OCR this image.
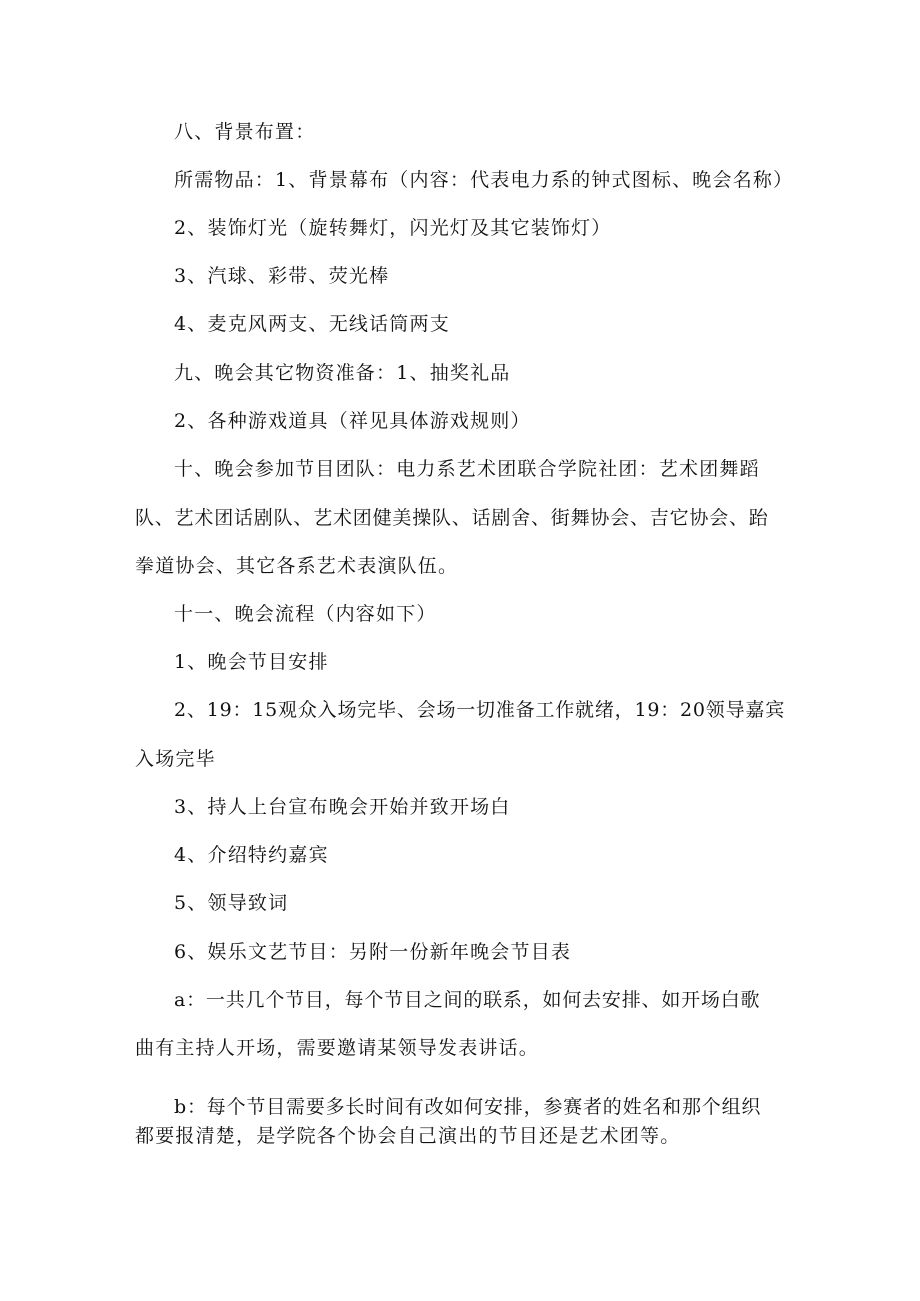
八、背景布置：
所需物品：1、背景幕布（内容：代表电力系的钟式图标、晚会名称）
2、装饰灯光（旋转舞灯，闪光灯及其它装饰灯）
3、汽球、彩带、荧光棒
4、麦克风两支、无线话筒两支
九、晚会其它物资准备：1、抽奖礼品
2、各种游戏道具（祥见具体游戏规则）
十、晚会参加节目团队：电力系艺术团联合学院社团：艺术团舞蹈
队、艺术团话剧队、艺术团健美操队、话剧舍、街舞协会、吉它协会、跆
拳道协会、其它各系艺术表演队伍。
十一、晚会流程（内容如下）
1、晚会节目安排
2、19：15观众入场完毕、会场一切准备工作就绪，19：20领导嘉宾
入场完毕
3、持人上台宣布晚会开始并致开场白
4、介绍特约嘉宾
5、领导致词
6、娱乐文艺节目：另附一份新年晚会节目表
a：一共几个节目，每个节目之间的联系，如何去安排、如开场白歌
曲有主持人开场，需要邀请某领导发表讲话。
b：每个节目需要多长时间有改如何安排，参赛者的姓名和那个组织
都要报清楚，是学院各个协会自己演出的节目还是艺术团等。
